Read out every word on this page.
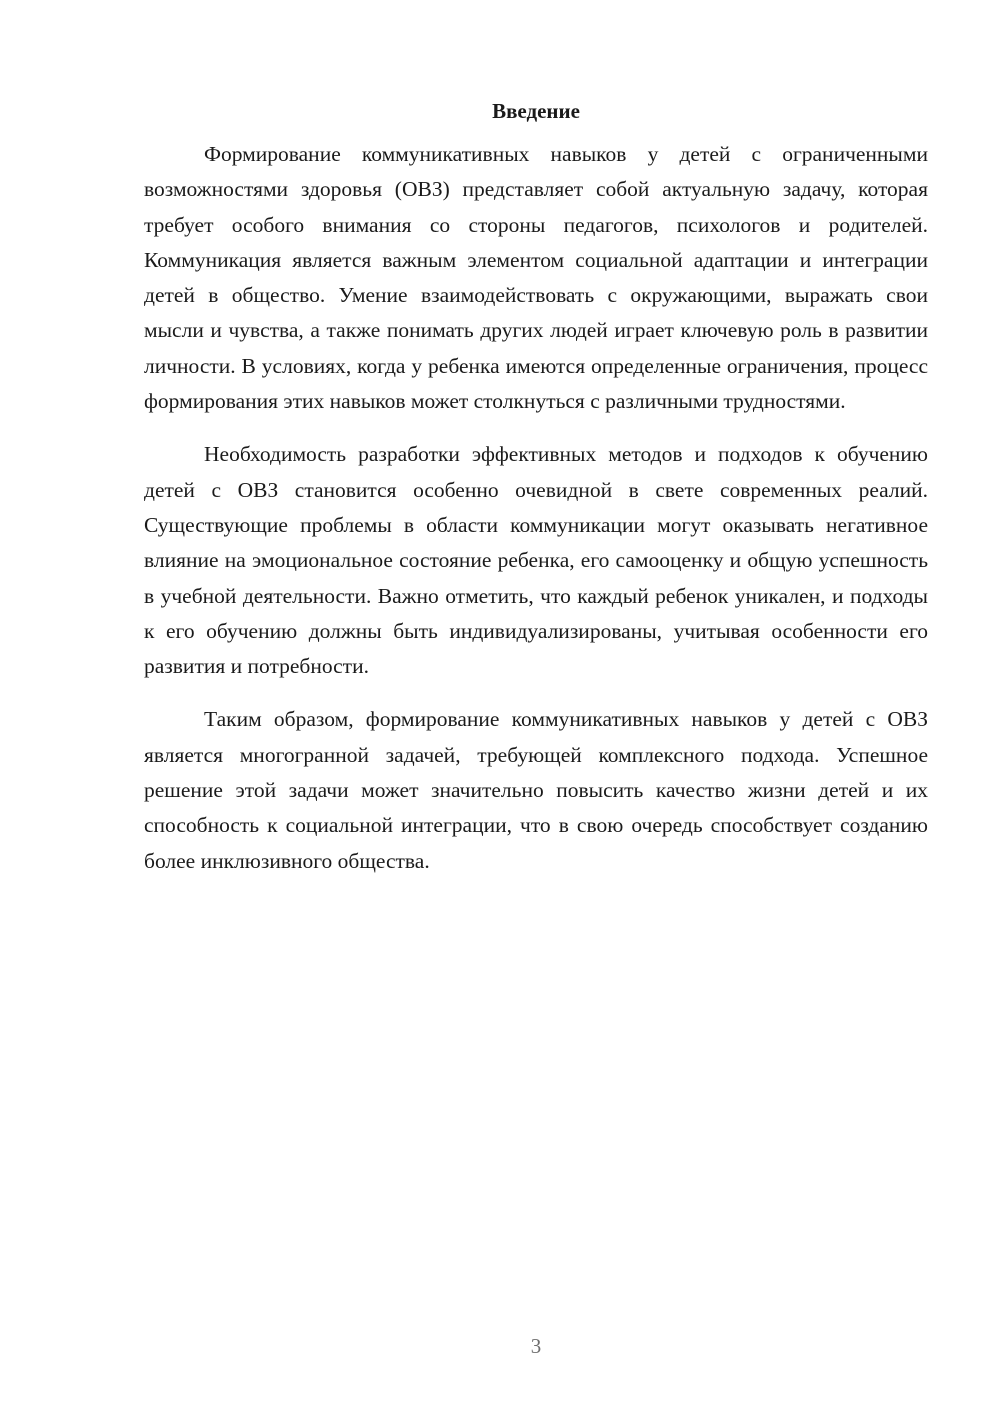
Введение

Формирование коммуникативных навыков у детей с ограниченными возможностями здоровья (ОВЗ) представляет собой актуальную задачу, которая требует особого внимания со стороны педагогов, психологов и родителей. Коммуникация является важным элементом социальной адаптации и интеграции детей в общество. Умение взаимодействовать с окружающими, выражать свои мысли и чувства, а также понимать других людей играет ключевую роль в развитии личности. В условиях, когда у ребенка имеются определенные ограничения, процесс формирования этих навыков может столкнуться с различными трудностями.

Необходимость разработки эффективных методов и подходов к обучению детей с ОВЗ становится особенно очевидной в свете современных реалий. Существующие проблемы в области коммуникации могут оказывать негативное влияние на эмоциональное состояние ребенка, его самооценку и общую успешность в учебной деятельности. Важно отметить, что каждый ребенок уникален, и подходы к его обучению должны быть индивидуализированы, учитывая особенности его развития и потребности.

Таким образом, формирование коммуникативных навыков у детей с ОВЗ является многогранной задачей, требующей комплексного подхода. Успешное решение этой задачи может значительно повысить качество жизни детей и их способность к социальной интеграции, что в свою очередь способствует созданию более инклюзивного общества.

3
